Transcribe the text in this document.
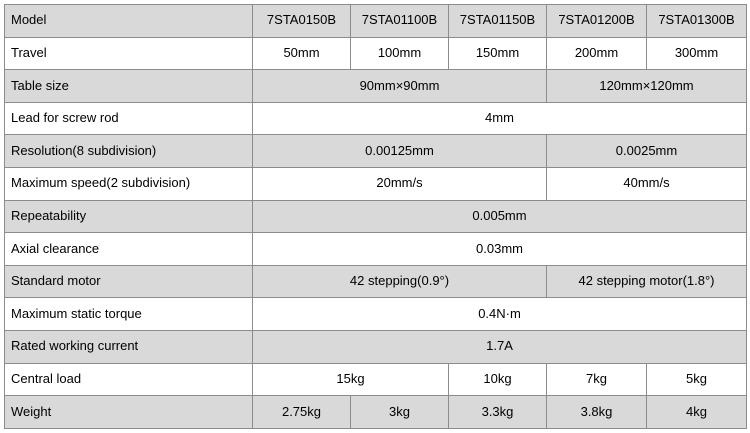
Model	7STA0150B	7STA01100B	7STA01150B	7STA01200B	7STA01300B
Travel	50mm	100mm	150mm	200mm	300mm
Table size	90mm×90mm			120mm×120mm	
Lead for screw rod	4mm				
Resolution(8 subdivision)	0.00125mm			0.0025mm	
Maximum speed(2 subdivision)	20mm/s			40mm/s	
Repeatability	0.005mm				
Axial clearance	0.03mm				
Standard motor	42 stepping(0.9°)			42 stepping motor(1.8°)	
Maximum static torque	0.4N·m				
Rated working current	1.7A				
Central load	15kg		10kg	7kg	5kg
Weight	2.75kg	3kg	3.3kg	3.8kg	4kg
